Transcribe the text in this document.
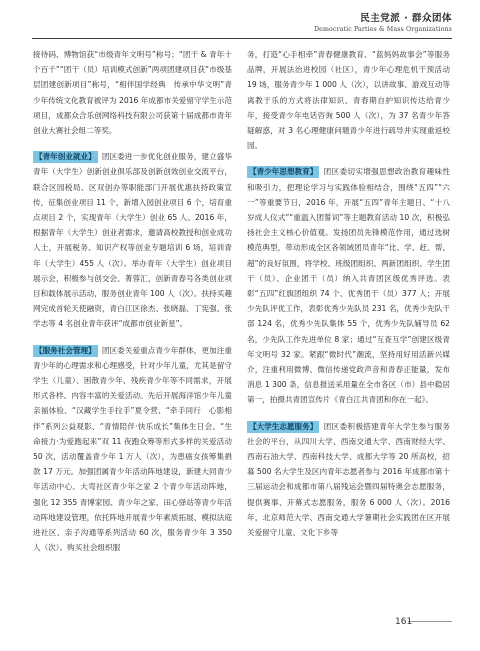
民主党派 · 群众团体
Democratic Parties & Mass Organizations

接待码、博物馆获“市级青年文明号”称号；“团干 & 青年十个百千”“团干（员）培训模式创新”两项团建项目获“市级基层团建创新项目”称号，“相伴国学经典　传承中华文明”青少年传统文化教育被评为 2016 年成都市关爱留守学生示范项目，成都众合乐创网络科技有限公司获第十届成都市青年创业大赛社会组二等奖。

【青年创业就业】 团区委进一步优化创业服务，建立盛华青年（大学生）创新创业俱乐部及创新创效创业交流平台，联合区园税局、区双创办等职能部门开展优惠扶持政策宣传，征集创业项目 11 个，新增入园创业项目 6 个，培育重点项目 2 个，实现青年（大学生）创业 65 人。2016 年，根据青年（大学生）创业者需求，邀请高校教授和创业成功人士，开展税务、知识产权等创业专题培训 6 场，培训青年（大学生）455 人（次）。举办青年（大学生）创业项目展示会，积极参与创交会、菁蓉汇，创新青春号各类创业项目和载体展示活动，服务创业青年 100 人（次）。扶持买趣网完成首轮天使融资，青白江区徐杰、张晓磊、丁宪强、张学志等 4 名创业青年获评“成都市创业新星”。

【服务社会管理】 团区委关爱重点青少年群体，更加注重青少年的心理需求和心理感受，针对少年儿童，尤其是留守学生（儿童）、困散青少年、残疾青少年等不同需求，开展形式各样、内容丰富的关爱活动。先后开展海洋馆少年儿童亲福体验、“汉藏学生手拉手”夏令营、“牵手同行　心影相伴”系列公益观影、“青情陪伴·快乐成长”集体生日会、“生命接力·为爱跑起来”双 11 夜跑众筹等形式多样的关爱活动 50 次，活动覆盖青少年 1 万人（次），为患癌女孩筹集捐款 17 万元。加强团属青少年活动阵地建设，新建大同青少年活动中心、大弯社区青少年之家 2 个青少年活动阵地，强化 12 355 青博家园、青少年之家、田心驿站等青少年活动阵地建设管理，依托阵地开展青少年素质拓展、模拟法庭进社区、亲子沟通等系列活动 60 次，服务青少年 3 350 人（次）。购买社会组织服

务，打造“心手相牵”青春健康教育、“蓝妈妈故事会”等服务品牌，开展法治进校园（社区），青少年心理危机干预活动 19 场，服务青少年 1 000 人（次），以讲故事、游戏互动等离教于乐的方式将法律知识、青春期自护知识传达给青少年，接受青少年电话咨询 500 人（次），为 37 名青少年答疑解惑，对 3 名心理健康问题青少年进行疏导并实现重返校园。

【青少年思想教育】 团区委切实增强思想政治教育趣味性和吸引力，把理论学习与实践体验相结合，围绕“五四”“六一”等重要节日，2016 年，开展“五四”青年主题日、“十八岁成人仪式”“重温入团誓词”等主题教育活动 10 次，积极弘扬社会主义核心价值观。发扬团员先锋模范作用，通过选树模范典型，带动形成全区各领域团员青年“比、学、赶、帮、超”的良好氛围，将学校、班级团组织、两新团组织、学生团干（员）、企业团干（员）纳入共青团区级优秀评选。表彰“五四”红旗团组织 74 个、优秀团干（员）377 人；开展少先队评优工作，表彰优秀少先队员 231 名，优秀少先队干部 124 名，优秀少先队集体 55 个，优秀少先队辅导员 62 名，少先队工作先进单位 8 家；通过“互查互学”创建区级青年文明号 32 家。紧跟“微时代”潮流，坚持用好用活新兴媒介，注重利用微博、微信传递党政声音和青春正能量，发布消息 1 300 条，信息报送采用量在全市各区（市）县中稳居第一，拍摄共青团宣传片《青白江共青团和你在一起》。

【大学生志愿服务】 团区委积极搭建青年大学生参与服务社会的平台，从四川大学、西南交通大学、西南财经大学、西南石油大学、西南科技大学、成都大学等 20 所高校，招募 500 名大学生及区内青年志愿者参与 2016 年成都市第十三届运动会和成都市第八届残运会暨四届特奥会志愿服务，提供赛事、开幕式志愿服务，服务 6 000 人（次）。2016 年，北京师范大学、西南交通大学暑期社会实践团在区开展关爱留守儿童、文化下乡等

161
